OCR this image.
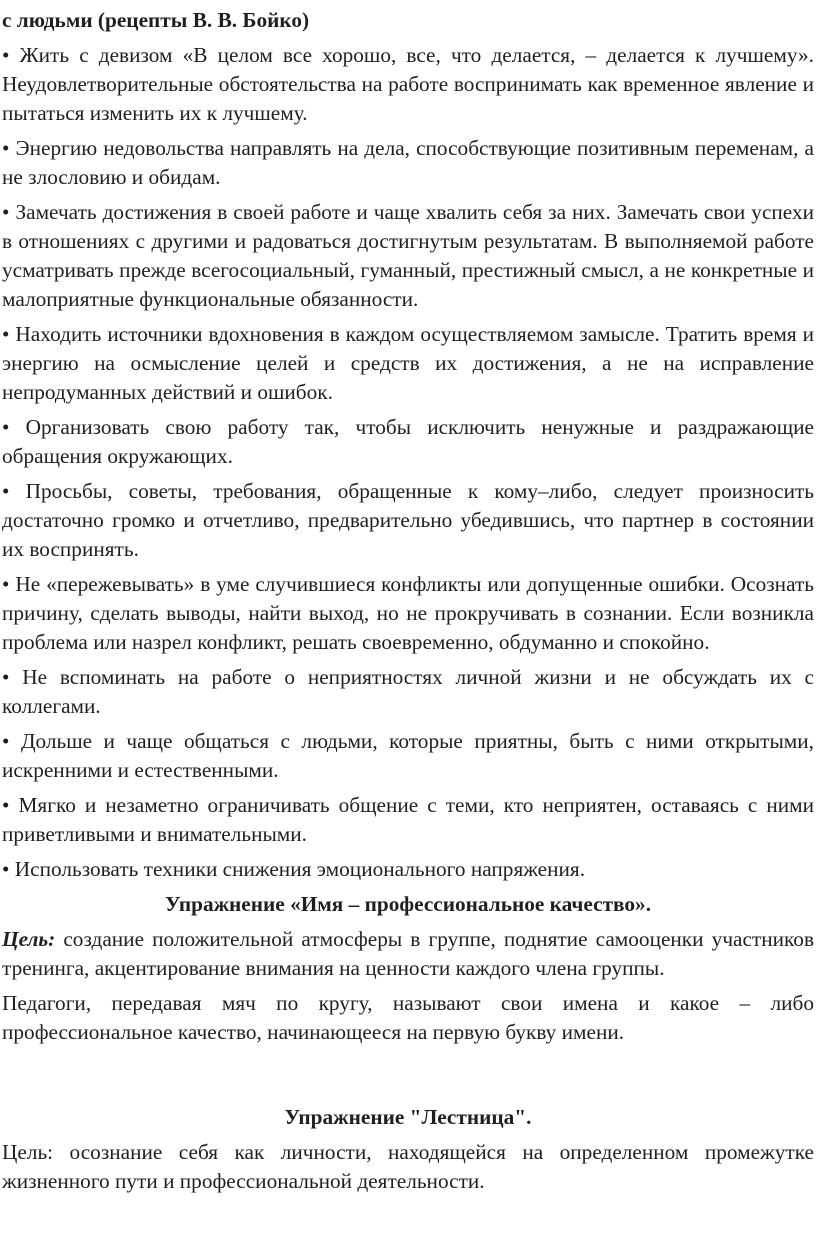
с людьми (рецепты В. В. Бойко)

• Жить с девизом «В целом все хорошо, все, что делается, – делается к лучшему». Неудовлетворительные обстоятельства на работе воспринимать как временное явление и пытаться изменить их к лучшему.

• Энергию недовольства направлять на дела, способствующие позитивным переменам, а не злословию и обидам.

• Замечать достижения в своей работе и чаще хвалить себя за них. Замечать свои успехи в отношениях с другими и радоваться достигнутым результатам. В выполняемой работе усматривать прежде всегосоциальный, гуманный, престижный смысл, а не конкретные и малоприятные функциональные обязанности.

• Находить источники вдохновения в каждом осуществляемом замысле. Тратить время и энергию на осмысление целей и средств их достижения, а не на исправление непродуманных действий и ошибок.

• Организовать свою работу так, чтобы исключить ненужные и раздражающие обращения окружающих.

• Просьбы, советы, требования, обращенные к кому–либо, следует произносить достаточно громко и отчетливо, предварительно убедившись, что партнер в состоянии их воспринять.

• Не «пережевывать» в уме случившиеся конфликты или допущенные ошибки. Осознать причину, сделать выводы, найти выход, но не прокручивать в сознании. Если возникла проблема или назрел конфликт, решать своевременно, обдуманно и спокойно.

• Не вспоминать на работе о неприятностях личной жизни и не обсуждать их с коллегами.

• Дольше и чаще общаться с людьми, которые приятны, быть с ними открытыми, искренними и естественными.

• Мягко и незаметно ограничивать общение с теми, кто неприятен, оставаясь с ними приветливыми и внимательными.

• Использовать техники снижения эмоционального напряжения.

Упражнение «Имя – профессиональное качество».

Цель: создание положительной атмосферы в группе, поднятие самооценки участников тренинга, акцентирование внимания на ценности каждого члена группы.

Педагоги, передавая мяч по кругу, называют свои имена и какое – либо профессиональное качество, начинающееся на первую букву имени.

Упражнение "Лестница".

Цель: осознание себя как личности, находящейся на определенном промежутке жизненного пути и профессиональной деятельности.
